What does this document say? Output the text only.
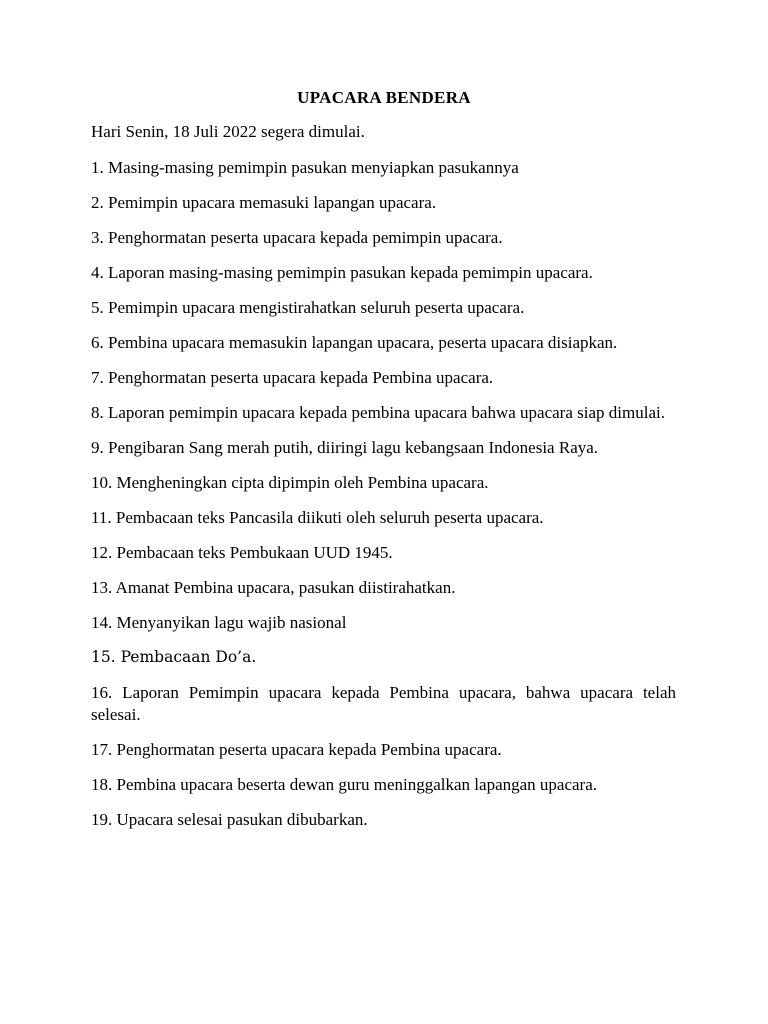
UPACARA BENDERA
Hari Senin, 18 Juli 2022 segera dimulai.
1. Masing-masing pemimpin pasukan menyiapkan pasukannya
2. Pemimpin upacara memasuki lapangan upacara.
3. Penghormatan peserta upacara kepada pemimpin upacara.
4. Laporan masing-masing pemimpin pasukan kepada pemimpin upacara.
5. Pemimpin upacara mengistirahatkan seluruh peserta upacara.
6. Pembina upacara memasukin lapangan upacara, peserta upacara disiapkan.
7. Penghormatan peserta upacara kepada Pembina upacara.
8. Laporan pemimpin upacara kepada pembina upacara bahwa upacara siap dimulai.
9. Pengibaran Sang merah putih, diiringi lagu kebangsaan Indonesia Raya.
10. Mengheningkan cipta dipimpin oleh Pembina upacara.
11. Pembacaan teks Pancasila diikuti oleh seluruh peserta upacara.
12. Pembacaan teks Pembukaan UUD 1945.
13. Amanat Pembina upacara, pasukan diistirahatkan.
14. Menyanyikan lagu wajib nasional
15. Pembacaan Do’a.
16. Laporan Pemimpin upacara kepada Pembina upacara, bahwa upacara telah selesai.
17. Penghormatan peserta upacara kepada Pembina upacara.
18. Pembina upacara beserta dewan guru meninggalkan lapangan upacara.
19. Upacara selesai pasukan dibubarkan.
